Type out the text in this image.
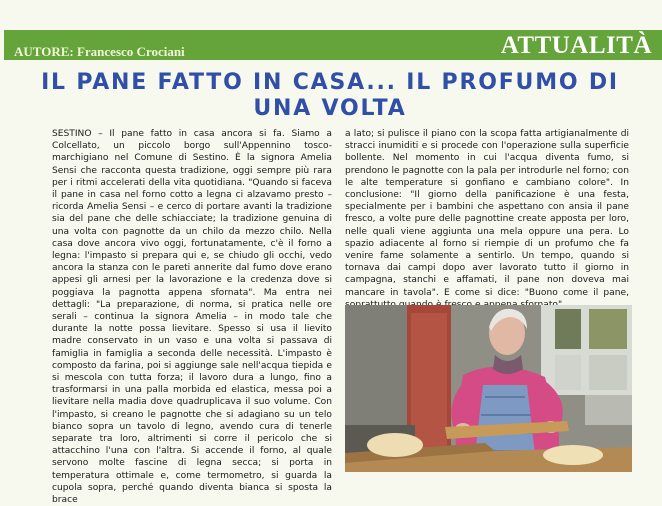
AUTORE: Francesco Crociani	ATTUALITÀ
IL PANE FATTO IN CASA... IL PROFUMO DI UNA VOLTA
SESTINO – Il pane fatto in casa ancora si fa. Siamo a Colcellato, un piccolo borgo sull'Appennino tosco-marchigiano nel Comune di Sestino. È la signora Amelia Sensi che racconta questa tradizione, oggi sempre più rara per i ritmi accelerati della vita quotidiana. "Quando si faceva il pane in casa nel forno cotto a legna ci alzavamo presto – ricorda Amelia Sensi – e cerco di portare avanti la tradizione sia del pane che delle schiacciate; la tradizione genuina di una volta con pagnotte da un chilo da mezzo chilo. Nella casa dove ancora vivo oggi, fortunatamente, c'è il forno a legna: l'impasto si prepara qui e, se chiudo gli occhi, vedo ancora la stanza con le pareti annerite dal fumo dove erano appesi gli arnesi per la lavorazione e la credenza dove si poggiava la pagnotta appena sfornata". Ma entra nei dettagli: "La preparazione, di norma, si pratica nelle ore serali – continua la signora Amelia – in modo tale che durante la notte possa lievitare. Spesso si usa il lievito madre conservato in un vaso e una volta si passava di famiglia in famiglia a seconda delle necessità. L'impasto è composto da farina, poi si aggiunge sale nell'acqua tiepida e si mescola con tutta forza; il lavoro dura a lungo, fino a trasformarsi in una palla morbida ed elastica, messa poi a lievitare nella madia dove quadruplicava il suo volume. Con l'impasto, si creano le pagnotte che si adagiano su un telo bianco sopra un tavolo di legno, avendo cura di tenerle separate tra loro, altrimenti si corre il pericolo che si attacchino l'una con l'altra. Si accende il forno, al quale servono molte fascine di legna secca; si porta in temperatura ottimale e, come termometro, si guarda la cupola sopra, perché quando diventa bianca si sposta la brace
a lato; si pulisce il piano con la scopa fatta artigianalmente di stracci inumiditi e si procede con l'operazione sulla superficie bollente. Nel momento in cui l'acqua diventa fumo, si prendono le pagnotte con la pala per introdurle nel forno; con le alte temperature si gonfiano e cambiano colore". In conclusione: "Il giorno della panificazione è una festa, specialmente per i bambini che aspettano con ansia il pane fresco, a volte pure delle pagnottine create apposta per loro, nelle quali viene aggiunta una mela oppure una pera. Lo spazio adiacente al forno si riempie di un profumo che fa venire fame solamente a sentirlo. Un tempo, quando si tornava dai campi dopo aver lavorato tutto il giorno in campagna, stanchi e affamati, il pane non doveva mai mancare in tavola". E come si dice: "Buono come il pane,
